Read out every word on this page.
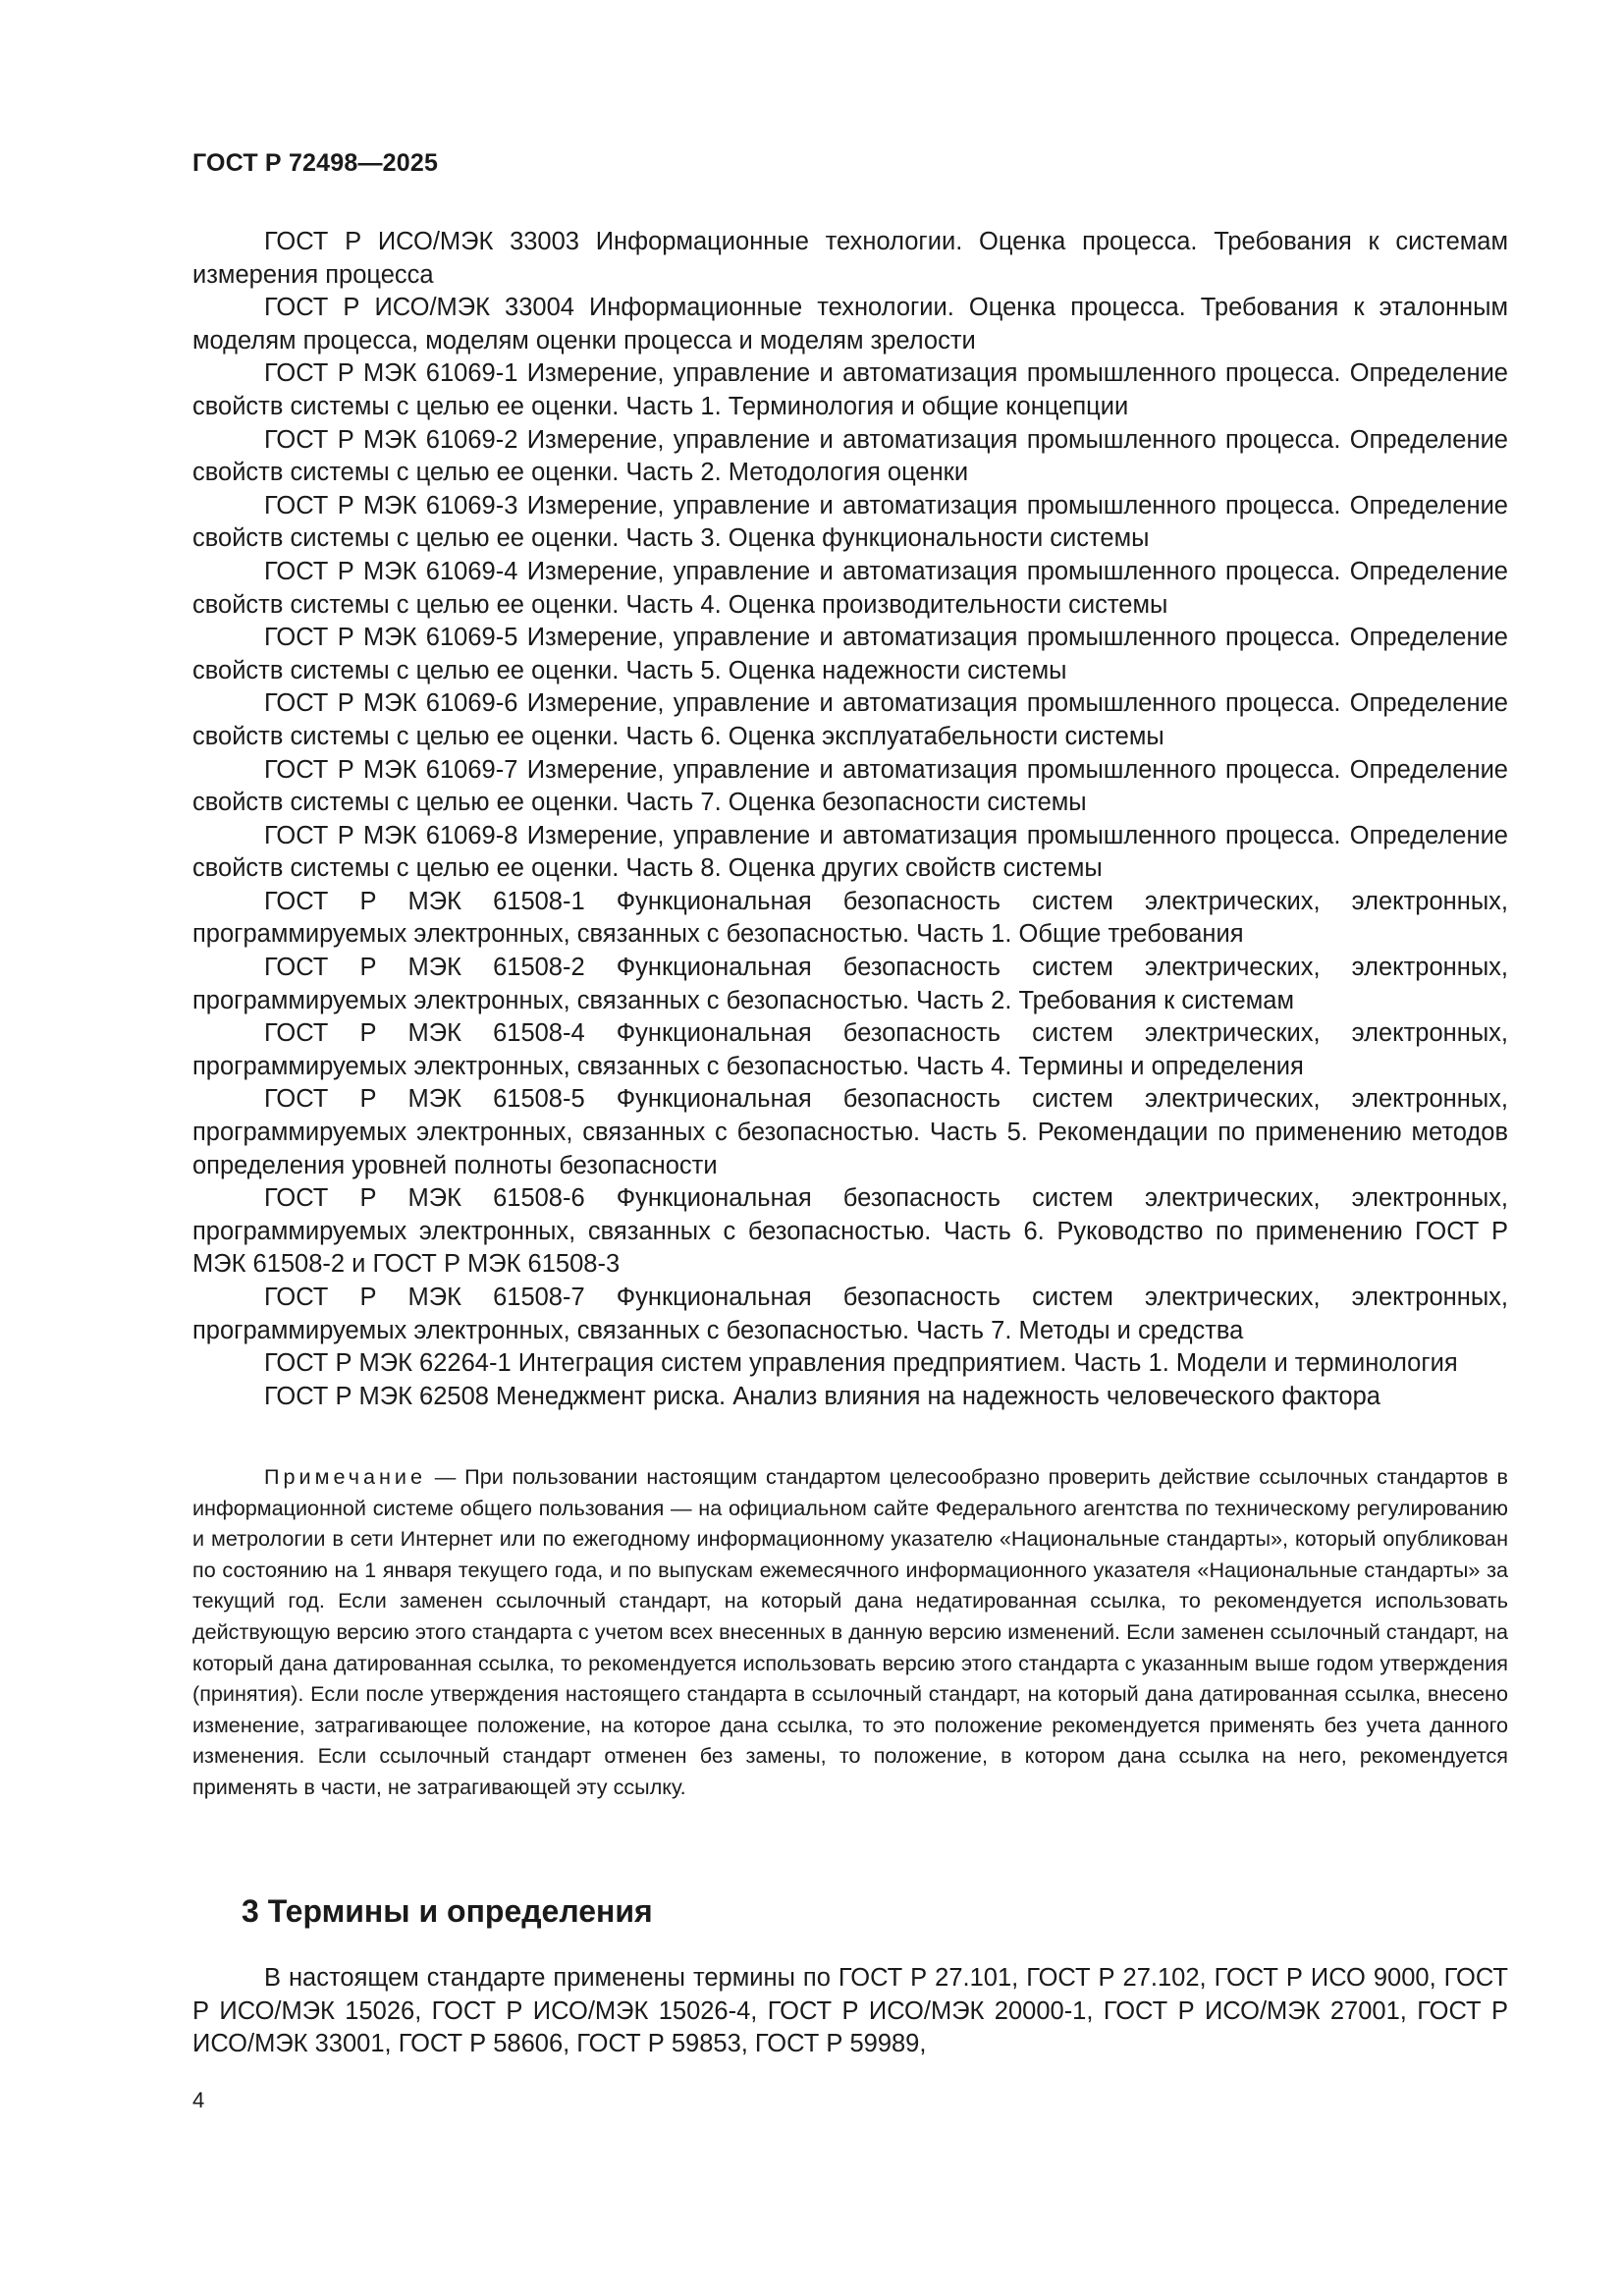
ГОСТ Р 72498—2025

ГОСТ Р ИСО/МЭК 33003 Информационные технологии. Оценка процесса. Требования к системам измерения процесса

ГОСТ Р ИСО/МЭК 33004 Информационные технологии. Оценка процесса. Требования к эталонным моделям процесса, моделям оценки процесса и моделям зрелости

ГОСТ Р МЭК 61069-1 Измерение, управление и автоматизация промышленного процесса. Определение свойств системы с целью ее оценки. Часть 1. Терминология и общие концепции

ГОСТ Р МЭК 61069-2 Измерение, управление и автоматизация промышленного процесса. Определение свойств системы с целью ее оценки. Часть 2. Методология оценки

ГОСТ Р МЭК 61069-3 Измерение, управление и автоматизация промышленного процесса. Определение свойств системы с целью ее оценки. Часть 3. Оценка функциональности системы

ГОСТ Р МЭК 61069-4 Измерение, управление и автоматизация промышленного процесса. Определение свойств системы с целью ее оценки. Часть 4. Оценка производительности системы

ГОСТ Р МЭК 61069-5 Измерение, управление и автоматизация промышленного процесса. Определение свойств системы с целью ее оценки. Часть 5. Оценка надежности системы

ГОСТ Р МЭК 61069-6 Измерение, управление и автоматизация промышленного процесса. Определение свойств системы с целью ее оценки. Часть 6. Оценка эксплуатабельности системы

ГОСТ Р МЭК 61069-7 Измерение, управление и автоматизация промышленного процесса. Определение свойств системы с целью ее оценки. Часть 7. Оценка безопасности системы

ГОСТ Р МЭК 61069-8 Измерение, управление и автоматизация промышленного процесса. Определение свойств системы с целью ее оценки. Часть 8. Оценка других свойств системы

ГОСТ Р МЭК 61508-1 Функциональная безопасность систем электрических, электронных, программируемых электронных, связанных с безопасностью. Часть 1. Общие требования

ГОСТ Р МЭК 61508-2 Функциональная безопасность систем электрических, электронных, программируемых электронных, связанных с безопасностью. Часть 2. Требования к системам

ГОСТ Р МЭК 61508-4 Функциональная безопасность систем электрических, электронных, программируемых электронных, связанных с безопасностью. Часть 4. Термины и определения

ГОСТ Р МЭК 61508-5 Функциональная безопасность систем электрических, электронных, программируемых электронных, связанных с безопасностью. Часть 5. Рекомендации по применению методов определения уровней полноты безопасности

ГОСТ Р МЭК 61508-6 Функциональная безопасность систем электрических, электронных, программируемых электронных, связанных с безопасностью. Часть 6. Руководство по применению ГОСТ Р МЭК 61508-2 и ГОСТ Р МЭК 61508-3

ГОСТ Р МЭК 61508-7 Функциональная безопасность систем электрических, электронных, программируемых электронных, связанных с безопасностью. Часть 7. Методы и средства

ГОСТ Р МЭК 62264-1 Интеграция систем управления предприятием. Часть 1. Модели и терминология

ГОСТ Р МЭК 62508 Менеджмент риска. Анализ влияния на надежность человеческого фактора

Примечание — При пользовании настоящим стандартом целесообразно проверить действие ссылочных стандартов в информационной системе общего пользования — на официальном сайте Федерального агентства по техническому регулированию и метрологии в сети Интернет или по ежегодному информационному указателю «Национальные стандарты», который опубликован по состоянию на 1 января текущего года, и по выпускам ежемесячного информационного указателя «Национальные стандарты» за текущий год. Если заменен ссылочный стандарт, на который дана недатированная ссылка, то рекомендуется использовать действующую версию этого стандарта с учетом всех внесенных в данную версию изменений. Если заменен ссылочный стандарт, на который дана датированная ссылка, то рекомендуется использовать версию этого стандарта с указанным выше годом утверждения (принятия). Если после утверждения настоящего стандарта в ссылочный стандарт, на который дана датированная ссылка, внесено изменение, затрагивающее положение, на которое дана ссылка, то это положение рекомендуется применять без учета данного изменения. Если ссылочный стандарт отменен без замены, то положение, в котором дана ссылка на него, рекомендуется применять в части, не затрагивающей эту ссылку.

3 Термины и определения

В настоящем стандарте применены термины по ГОСТ Р 27.101, ГОСТ Р 27.102, ГОСТ Р ИСО 9000, ГОСТ Р ИСО/МЭК 15026, ГОСТ Р ИСО/МЭК 15026-4, ГОСТ Р ИСО/МЭК 20000-1, ГОСТ Р ИСО/МЭК 27001, ГОСТ Р ИСО/МЭК 33001, ГОСТ Р 58606, ГОСТ Р 59853, ГОСТ Р 59989,

4
